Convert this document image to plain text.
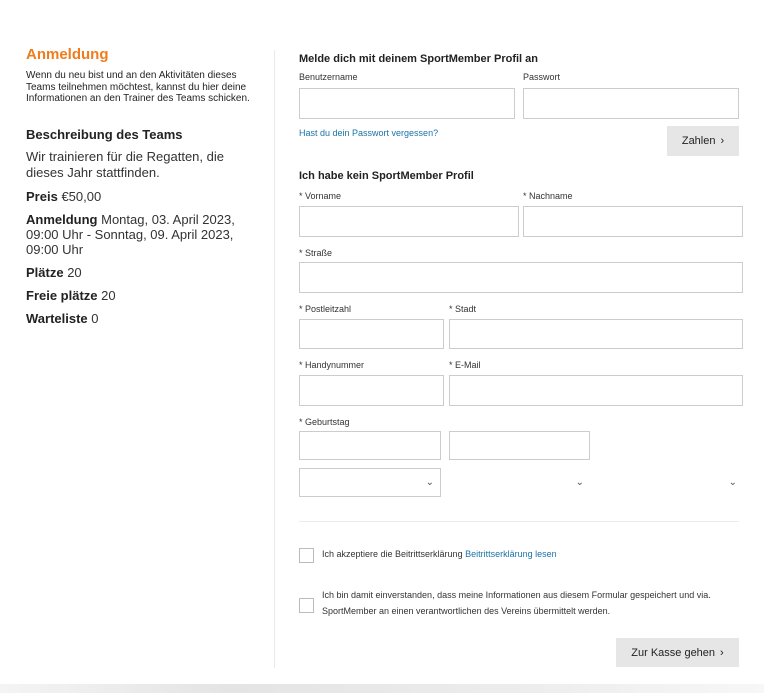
Anmeldung
Wenn du neu bist und an den Aktivitäten dieses Teams teilnehmen möchtest, kannst du hier deine Informationen an den Trainer des Teams schicken.
Beschreibung des Teams
Wir trainieren für die Regatten, die dieses Jahr stattfinden.
Preis €50,00
Anmeldung Montag, 03. April 2023, 09:00 Uhr - Sonntag, 09. April 2023, 09:00 Uhr
Plätze 20
Freie plätze 20
Warteliste 0
Melde dich mit deinem SportMember Profil an
Benutzername	Passwort
Hast du dein Passwort vergessen?
Zahlen ›
Ich habe kein SportMember Profil
* Vorname	* Nachname
* Straße
* Postleitzahl	* Stadt
* Handynummer	* E-Mail
* Geburtstag
⌄	⌄	⌄
Ich akzeptiere die Beitrittserklärung Beitrittserklärung lesen
Ich bin damit einverstanden, dass meine Informationen aus diesem Formular gespeichert und via.
SportMember an einen verantwortlichen des Vereins übermittelt werden.
Zur Kasse gehen ›
